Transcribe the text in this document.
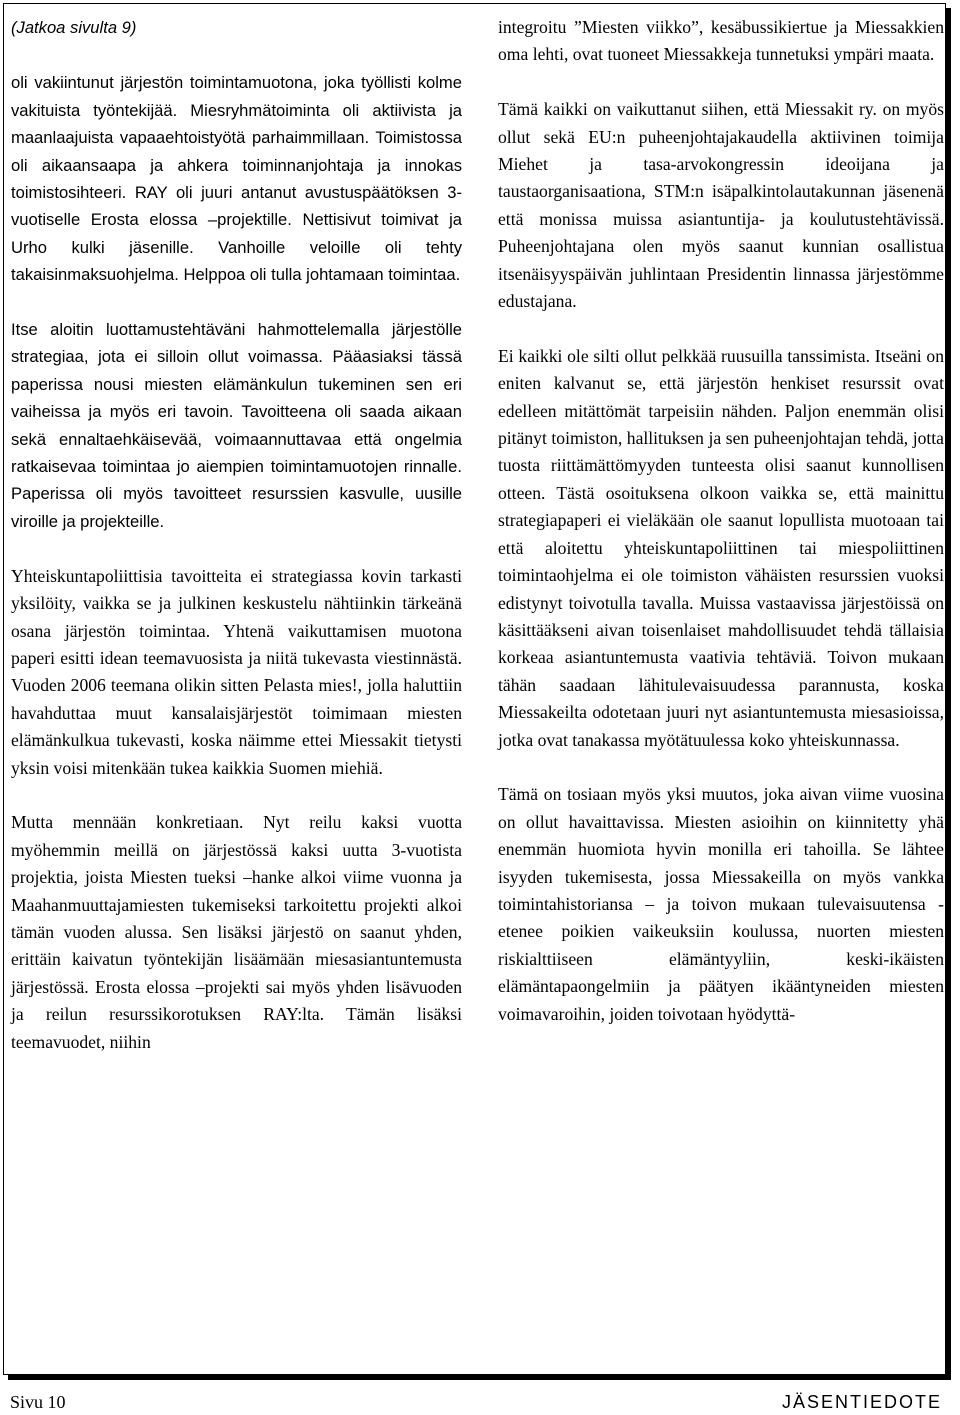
(Jatkoa sivulta 9)

oli vakiintunut järjestön toimintamuotona, joka työllisti kolme vakituista työntekijää. Miesryhmätoiminta oli aktiivista ja maanlaajuista vapaaehtoistyötä parhaimmillaan. Toimistossa oli aikaansaapa ja ahkera toiminnanjohtaja ja innokas toimistosihteeri. RAY oli juuri antanut avustuspäätöksen 3-vuotiselle Erosta elossa –projektille. Nettisivut toimivat ja Urho kulki jäsenille. Vanhoille veloille oli tehty takaisinmaksuohjelma. Helppoa oli tulla johtamaan toimintaa.

Itse aloitin luottamustehtäväni hahmottelemalla järjestölle strategiaa, jota ei silloin ollut voimassa. Pääasiaksi tässä paperissa nousi miesten elämänkulun tukeminen sen eri vaiheissa ja myös eri tavoin. Tavoitteena oli saada aikaan sekä ennaltaehkäisevää, voimaannuttavaa että ongelmia ratkaisevaa toimintaa jo aiempien toimintamuotojen rinnalle. Paperissa oli myös tavoitteet resurssien kasvulle, uusille viroille ja projekteille.

Yhteiskuntapoliittisia tavoitteita ei strategiassa kovin tarkasti yksilöity, vaikka se ja julkinen keskustelu nähtiinkin tärkeänä osana järjestön toimintaa. Yhtenä vaikuttamisen muotona paperi esitti idean teemavuosista ja niitä tukevasta viestinnästä. Vuoden 2006 teemana olikin sitten Pelasta mies!, jolla haluttiin havahduttaa muut kansalaisjärjestöt toimimaan miesten elämänkulkua tukevasti, koska näimme ettei Miessakit tietysti yksin voisi mitenkään tukea kaikkia Suomen miehiä.

Mutta mennään konkretiaan. Nyt reilu kaksi vuotta myöhemmin meillä on järjestössä kaksi uutta 3-vuotista projektia, joista Miesten tueksi –hanke alkoi viime vuonna ja Maahanmuuttajamiesten tukemiseksi tarkoitettu projekti alkoi tämän vuoden alussa. Sen lisäksi järjestö on saanut yhden, erittäin kaivatun työntekijän lisäämään miesasiantuntemusta järjestössä. Erosta elossa –projekti sai myös yhden lisävuoden ja reilun resurssikorotuksen RAY:lta. Tämän lisäksi teemavuodet, niihin

integroitu ”Miesten viikko”, kesäbussikiertue ja Miessakkien oma lehti, ovat tuoneet Miessakkeja tunnetuksi ympäri maata.

Tämä kaikki on vaikuttanut siihen, että Miessakit ry. on myös ollut sekä EU:n puheenjohtajakaudella aktiivinen toimija Miehet ja tasa-arvokongressin ideoijana ja taustaorganisaationa, STM:n isäpalkintolautakunnan jäsenenä että monissa muissa asiantuntija- ja koulutustehtävissä. Puheenjohtajana olen myös saanut kunnian osallistua itsenäisyyspäivän juhlintaan Presidentin linnassa järjestömme edustajana.

Ei kaikki ole silti ollut pelkkää ruusuilla tanssimista. Itseäni on eniten kalvanut se, että järjestön henkiset resurssit ovat edelleen mitättömät tarpeisiin nähden. Paljon enemmän olisi pitänyt toimiston, hallituksen ja sen puheenjohtajan tehdä, jotta tuosta riittämättömyyden tunteesta olisi saanut kunnollisen otteen. Tästä osoituksena olkoon vaikka se, että mainittu strategiapaperi ei vieläkään ole saanut lopullista muotoaan tai että aloitettu yhteiskuntapoliittinen tai miespoliittinen toimintaohjelma ei ole toimiston vähäisten resurssien vuoksi edistynyt toivotulla tavalla. Muissa vastaavissa järjestöissä on käsittääkseni aivan toisenlaiset mahdollisuudet tehdä tällaisia korkeaa asiantuntemusta vaativia tehtäviä. Toivon mukaan tähän saadaan lähitulevaisuudessa parannusta, koska Miessakeilta odotetaan juuri nyt asiantuntemusta miesasioissa, jotka ovat tanakassa myötätuulessa koko yhteiskunnassa.

Tämä on tosiaan myös yksi muutos, joka aivan viime vuosina on ollut havaittavissa. Miesten asioihin on kiinnitetty yhä enemmän huomiota hyvin monilla eri tahoilla. Se lähtee isyyden tukemisesta, jossa Miessakeilla on myös vankka toimintahistoriansa – ja toivon mukaan tulevaisuutensa - etenee poikien vaikeuksiin koulussa, nuorten miesten riskialttiiseen elämäntyyliin, keski-ikäisten elämäntapaongelmiin ja päätyen ikääntyneiden miesten voimavaroihin, joiden toivotaan hyödyttä-

Sivu 10	JÄSENTIEDOTE
